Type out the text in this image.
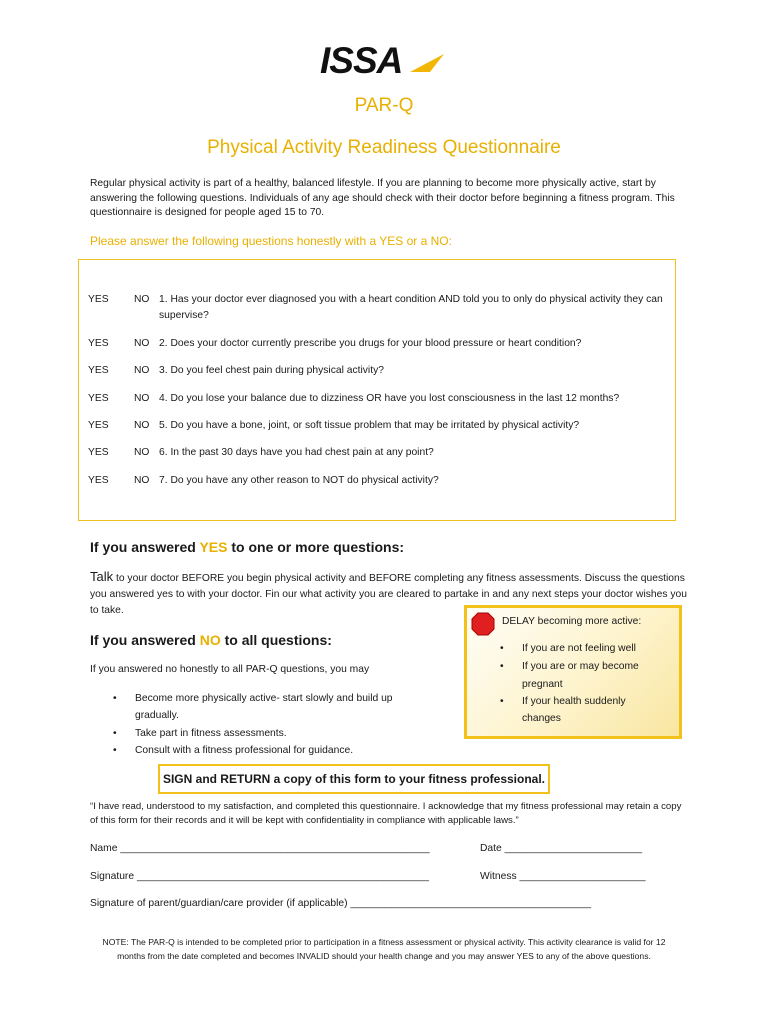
ISSA
PAR-Q
Physical Activity Readiness Questionnaire
Regular physical activity is part of a healthy, balanced lifestyle. If you are planning to become more physically active, start by answering the following questions. Individuals of any age should check with their doctor before beginning a fitness program. This questionnaire is designed for people aged 15 to 70.
Please answer the following questions honestly with a YES or a NO:
YES NO 1. Has your doctor ever diagnosed you with a heart condition AND told you to only do physical activity they can supervise?
YES NO 2. Does your doctor currently prescribe you drugs for your blood pressure or heart condition?
YES NO 3. Do you feel chest pain during physical activity?
YES NO 4. Do you lose your balance due to dizziness OR have you lost consciousness in the last 12 months?
YES NO 5. Do you have a bone, joint, or soft tissue problem that may be irritated by physical activity?
YES NO 6. In the past 30 days have you had chest pain at any point?
YES NO 7. Do you have any other reason to NOT do physical activity?
If you answered YES to one or more questions:
Talk to your doctor BEFORE you begin physical activity and BEFORE completing any fitness assessments. Discuss the questions you answered yes to with your doctor. Fin our what activity you are cleared to partake in and any next steps your doctor wishes you to take.
If you answered NO to all questions:
If you answered no honestly to all PAR-Q questions, you may
• Become more physically active- start slowly and build up
gradually.
• Take part in fitness assessments.
• Consult with a fitness professional for guidance.
DELAY becoming more active:
• If you are not feeling well
• If you are or may become
pregnant
• If your health suddenly
changes
SIGN and RETURN a copy of this form to your fitness professional.
“I have read, understood to my satisfaction, and completed this questionnaire. I acknowledge that my fitness professional may retain a copy of this form for their records and it will be kept with confidentiality in compliance with applicable laws.”
Name ______________________________________________________	Date ________________________
Signature ___________________________________________________	Witness ______________________
Signature of parent/guardian/care provider (if applicable) __________________________________________
NOTE: The PAR-Q is intended to be completed prior to participation in a fitness assessment or physical activity. This activity clearance is valid for 12 months from the date completed and becomes INVALID should your health change and you may answer YES to any of the above questions.
